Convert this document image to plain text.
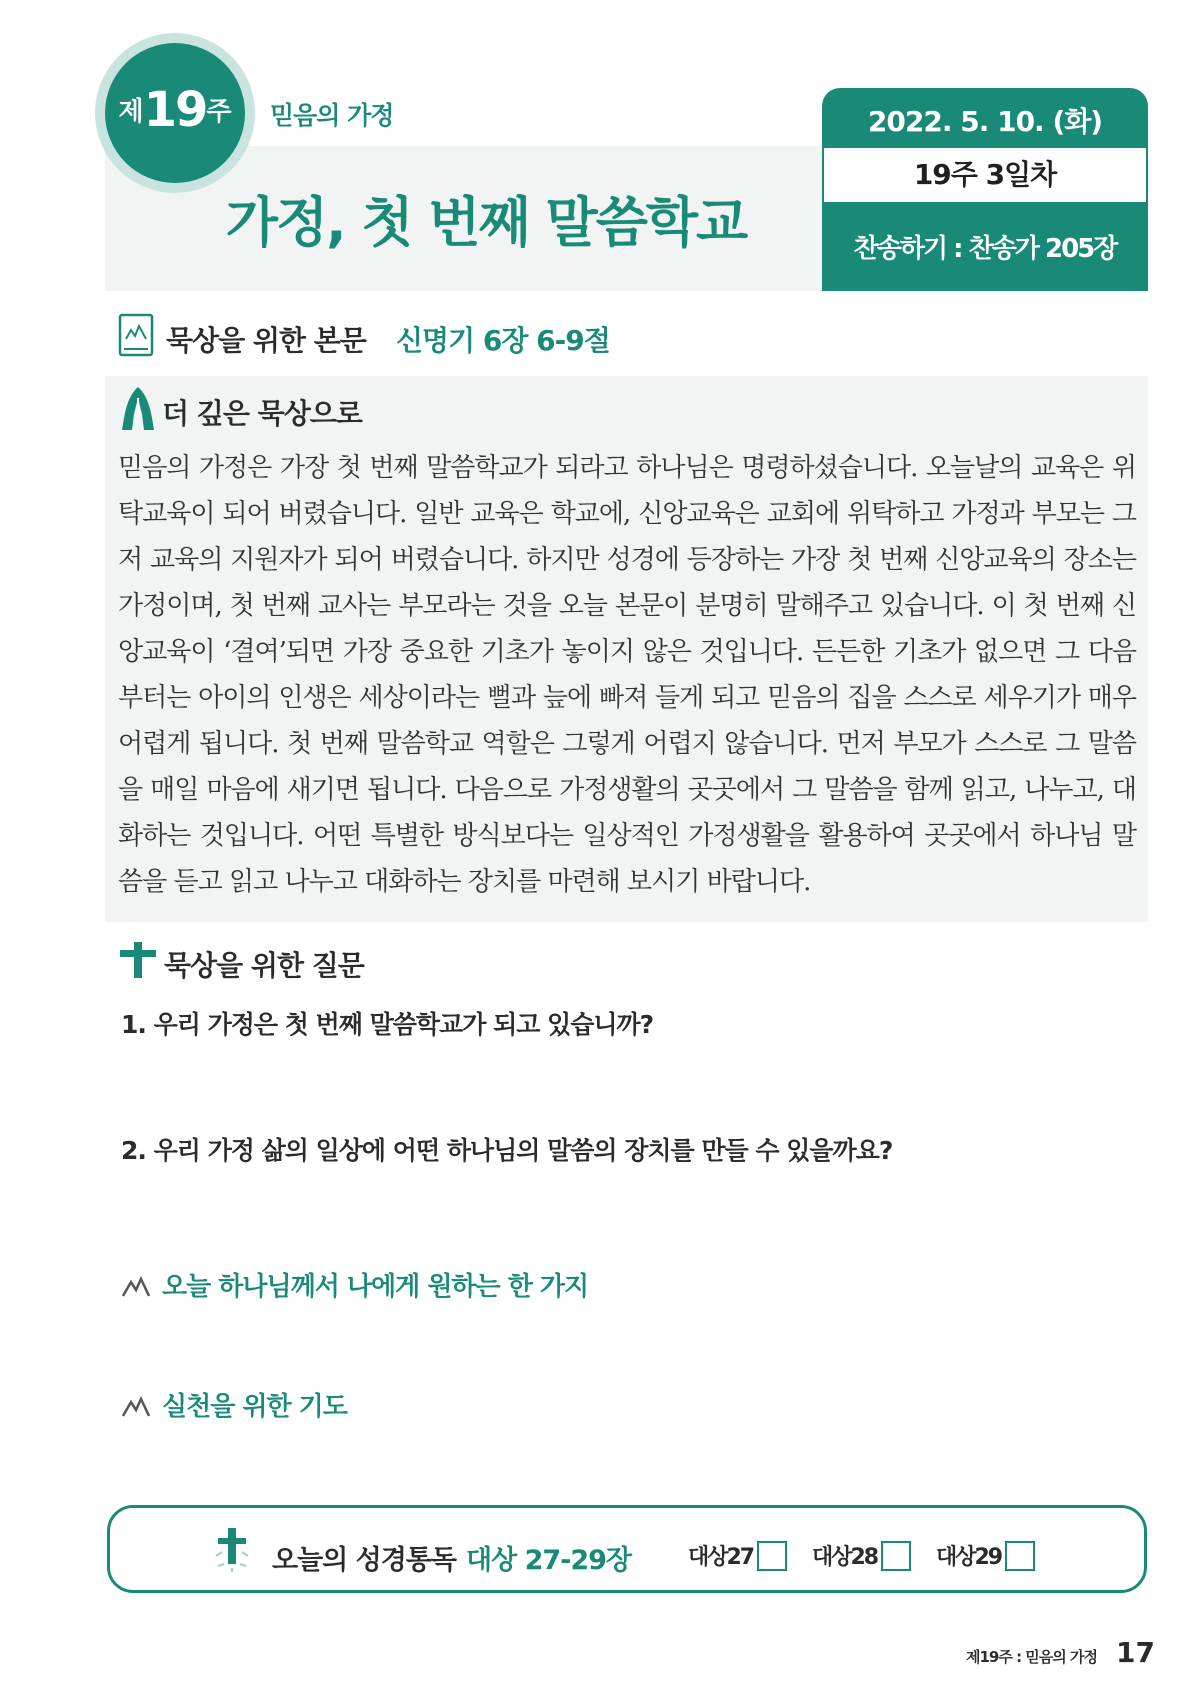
제19주	믿음의 가정
가정, 첫 번째 말씀학교
2022. 5. 10. (화)
19주 3일차
찬송하기 : 찬송가 205장
묵상을 위한 본문 신명기 6장 6-9절
더 깊은 묵상으로
믿음의 가정은 가장 첫 번째 말씀학교가 되라고 하나님은 명령하셨습니다. 오늘날의 교육은 위탁교육이 되어 버렸습니다. 일반 교육은 학교에, 신앙교육은 교회에 위탁하고 가정과 부모는 그저 교육의 지원자가 되어 버렸습니다. 하지만 성경에 등장하는 가장 첫 번째 신앙교육의 장소는 가정이며, 첫 번째 교사는 부모라는 것을 오늘 본문이 분명히 말해주고 있습니다. 이 첫 번째 신앙교육이 ‘결여’되면 가장 중요한 기초가 놓이지 않은 것입니다. 든든한 기초가 없으면 그 다음부터는 아이의 인생은 세상이라는 뻘과 늪에 빠져 들게 되고 믿음의 집을 스스로 세우기가 매우 어렵게 됩니다. 첫 번째 말씀학교 역할은 그렇게 어렵지 않습니다. 먼저 부모가 스스로 그 말씀을 매일 마음에 새기면 됩니다. 다음으로 가정생활의 곳곳에서 그 말씀을 함께 읽고, 나누고, 대화하는 것입니다. 어떤 특별한 방식보다는 일상적인 가정생활을 활용하여 곳곳에서 하나님 말씀을 듣고 읽고 나누고 대화하는 장치를 마련해 보시기 바랍니다.
묵상을 위한 질문
1. 우리 가정은 첫 번째 말씀학교가 되고 있습니까?
2. 우리 가정 삶의 일상에 어떤 하나님의 말씀의 장치를 만들 수 있을까요?
오늘 하나님께서 나에게 원하는 한 가지
실천을 위한 기도
오늘의 성경통독 대상 27-29장	대상27	대상28	대상29
제19주 : 믿음의 가정 17
